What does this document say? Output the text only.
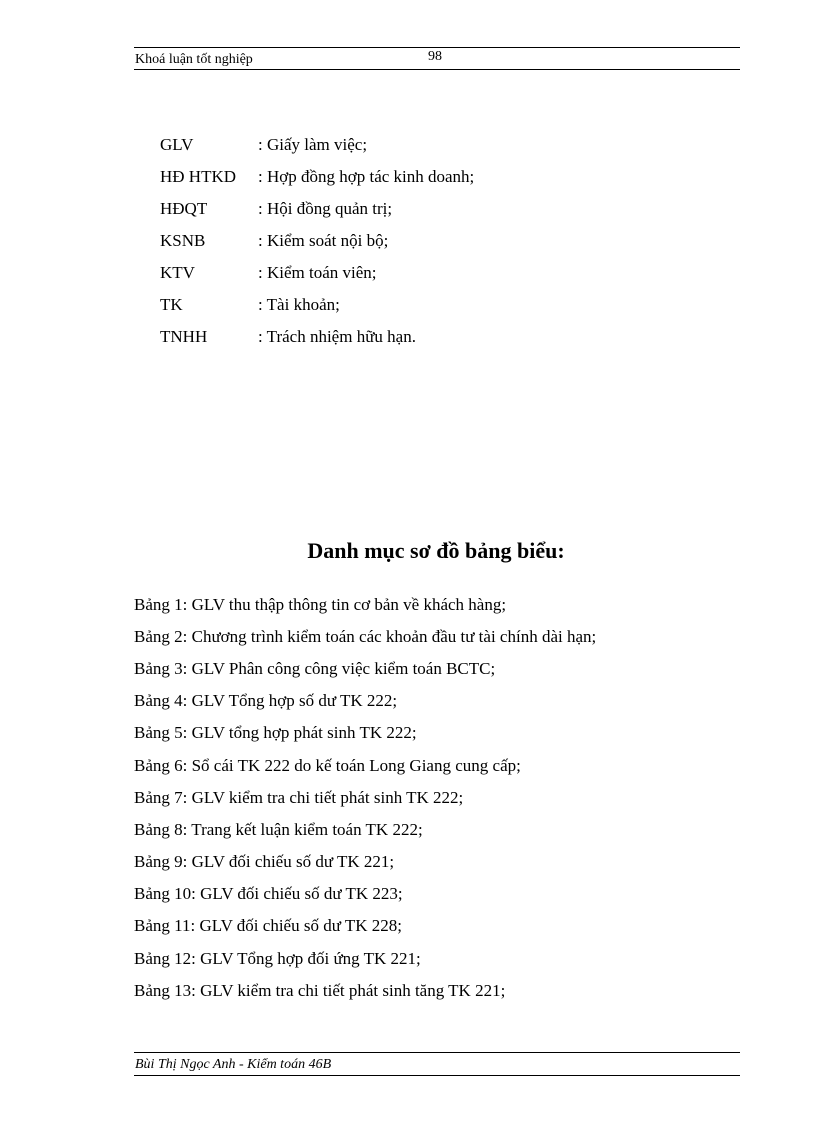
Khoá luận tốt nghiệp	98
GLV	: Giấy làm việc;
HĐ HTKD : Hợp đồng hợp tác kinh doanh;
HĐQT	: Hội đồng quản trị;
KSNB	: Kiểm soát nội bộ;
KTV	: Kiểm toán viên;
TK	: Tài khoản;
TNHH	: Trách nhiệm hữu hạn.
Danh mục sơ đồ bảng biểu:
Bảng 1: GLV thu thập thông tin cơ bản về khách hàng;
Bảng 2: Chương trình kiểm toán các khoản đầu tư tài chính dài hạn;
Bảng 3: GLV Phân công công việc kiểm toán BCTC;
Bảng 4: GLV Tổng hợp số dư TK 222;
Bảng 5: GLV tổng hợp phát sinh TK 222;
Bảng 6: Sổ cái TK 222 do kế toán Long Giang cung cấp;
Bảng 7: GLV kiểm tra chi tiết phát sinh TK 222;
Bảng 8: Trang kết luận kiểm toán TK 222;
Bảng 9: GLV đối chiếu số dư TK 221;
Bảng 10: GLV đối chiếu số dư TK 223;
Bảng 11: GLV đối chiếu số dư TK 228;
Bảng 12: GLV Tổng hợp đối ứng TK 221;
Bảng 13: GLV kiểm tra chi tiết phát sinh tăng TK 221;
Bùi Thị Ngọc Anh - Kiểm toán 46B
